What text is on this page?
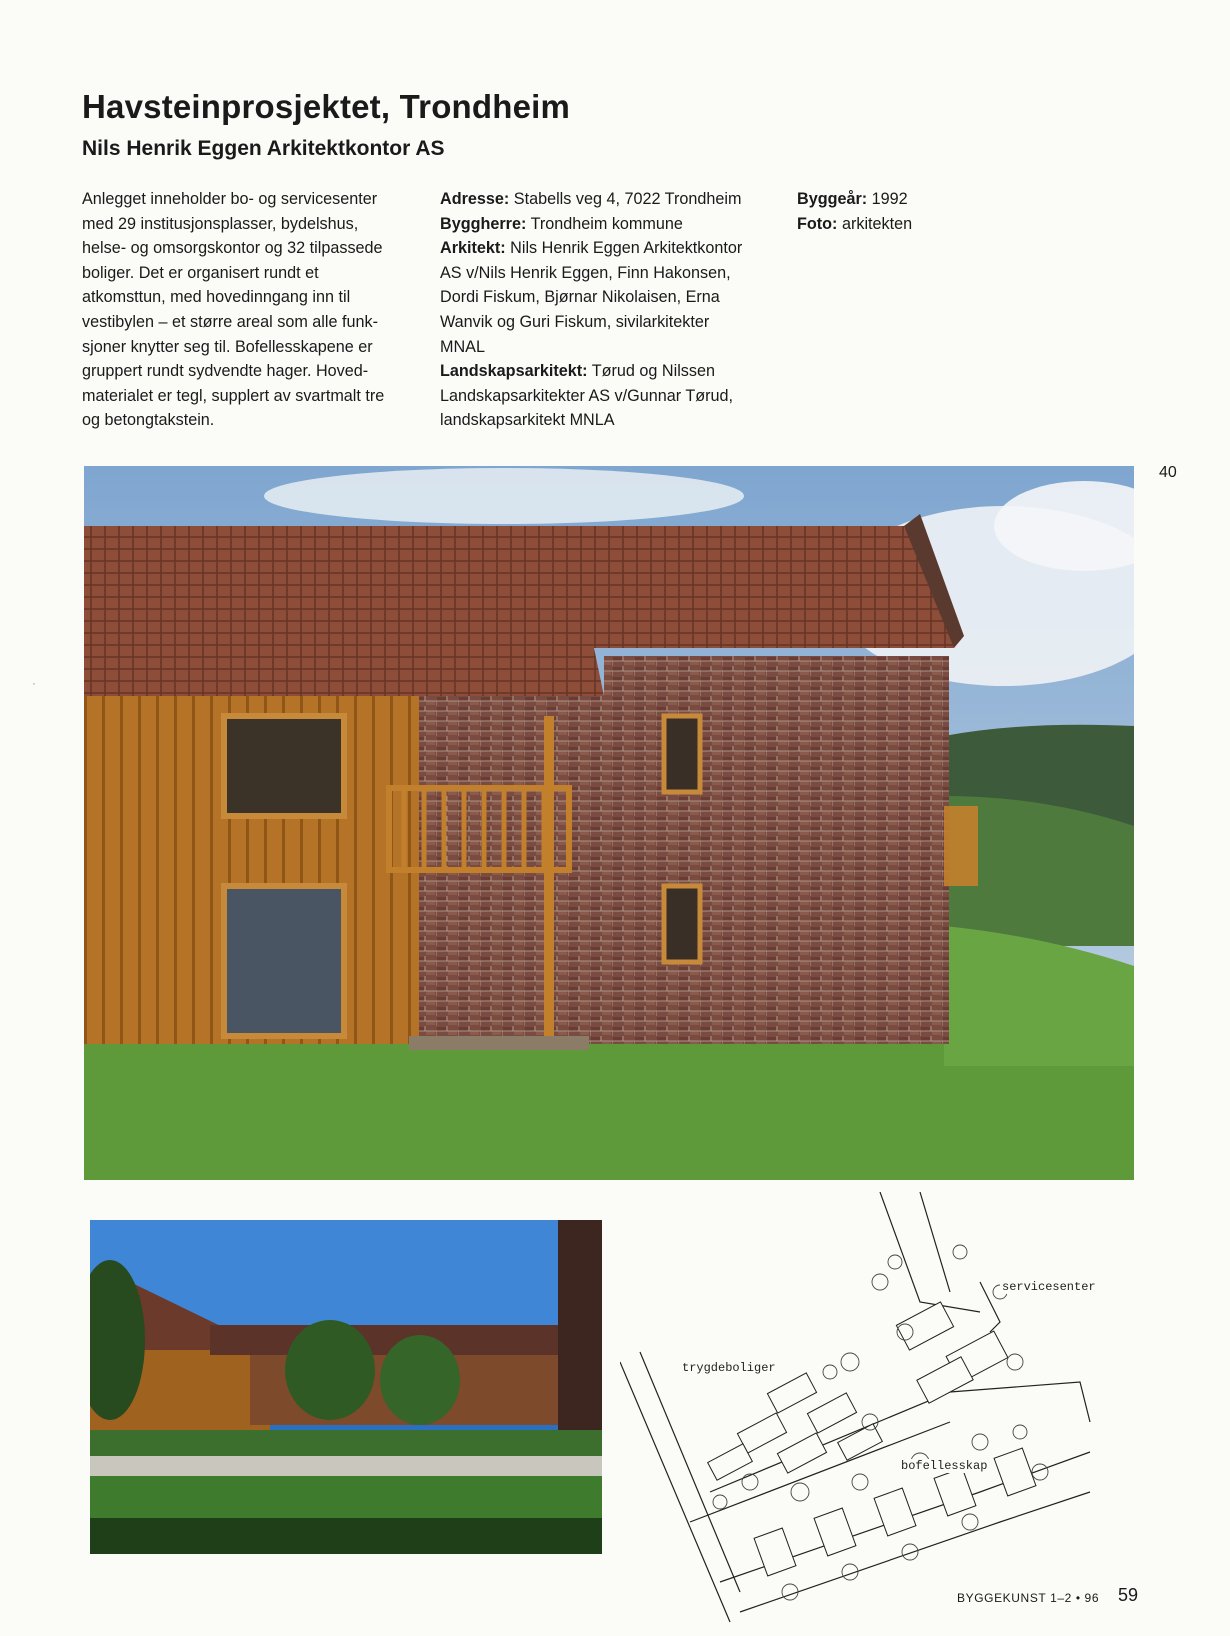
Havsteinprosjektet, Trondheim
Nils Henrik Eggen Arkitektkontor AS
Anlegget inneholder bo- og servicesenter
med 29 institusjonsplasser, bydelshus,
helse- og omsorgskontor og 32 tilpassede
boliger. Det er organisert rundt et
atkomsttun, med hovedinngang inn til
vestibylen – et større areal som alle funk-
sjoner knytter seg til. Bofellesskapene er
gruppert rundt sydvendte hager. Hoved-
materialet er tegl, supplert av svartmalt tre
og betongtakstein.
Adresse: Stabells veg 4, 7022 Trondheim
Byggherre: Trondheim kommune
Arkitekt: Nils Henrik Eggen Arkitektkontor
AS v/Nils Henrik Eggen, Finn Hakonsen,
Dordi Fiskum, Bjørnar Nikolaisen, Erna
Wanvik og Guri Fiskum, sivilarkitekter
MNAL
Landskapsarkitekt: Tørud og Nilssen
Landskapsarkitekter AS v/Gunnar Tørud,
landskapsarkitekt MNLA
Byggeår: 1992
Foto: arkitekten
40
·
servicesenter
trygdeboliger
bofellesskap
BYGGEKUNST 1–2 • 96 59
